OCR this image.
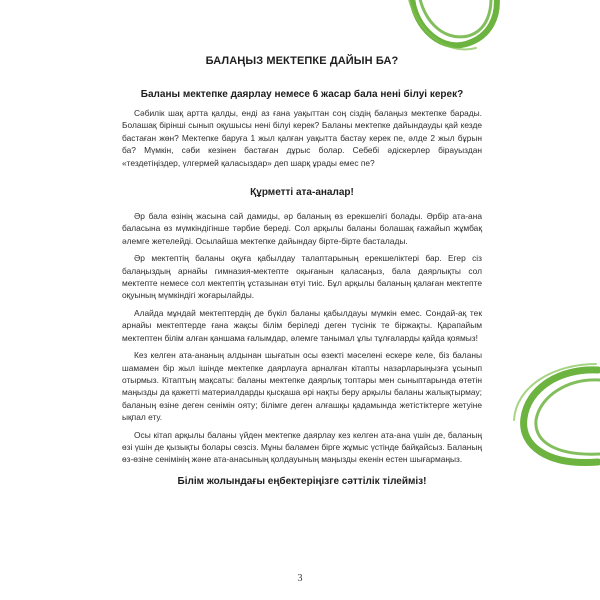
БАЛАҢЫЗ МЕКТЕПКЕ ДАЙЫН БА?
Баланы мектепке даярлау немесе 6 жасар бала нені білуі керек?

Сәбилік шақ артта қалды, енді аз ғана уақыттан соң сіздің балаңыз мектепке барады. Болашақ бірінші сынып оқушысы нені білуі керек? Баланы мектепке дайындауды қай кезде бастаған жөн? Мектепке баруға 1 жыл қалған уақытта бастау керек пе, әлде 2 жыл бұрын ба? Мүмкін, сәби кезінен бастаған дұрыс болар. Себебі әдіскерлер бірауыздан «тездетіңіздер, үлгермей қаласыздар» деп шарқ ұрады емес пе?

Құрметті ата-аналар!

Әр бала өзінің жасына сай дамиды, әр баланың өз ерекшелігі болады. Әрбір ата-ана баласына өз мүмкіндігінше тәрбие береді. Сол арқылы баланы болашақ ғажайып жұмбақ әлемге жетелейді. Осылайша мектепке дайындау бірте-бірте басталады.

Әр мектептің баланы оқуға қабылдау талаптарының ерекшеліктері бар. Егер сіз балаңыздың арнайы гимназия-мектепте оқығанын қаласаңыз, бала даярлықты сол мектепте немесе сол мектептің ұстазынан өтуі тиіс. Бұл арқылы баланың қалаған мектепте оқуының мүмкіндігі жоғарылайды.

Алайда мұндай мектептердің де бүкіл баланы қабылдауы мүмкін емес. Сондай-ақ тек арнайы мектептерде ғана жақсы білім беріледі деген түсінік те біржақты. Қарапайым мектептен білім алған қаншама ғалымдар, әлемге танымал ұлы тұлғаларды қайда қоямыз!

Кез келген ата-ананың алдынан шығатын осы өзекті мәселені ескере келе, біз баланы шамамен бір жыл ішінде мектепке даярлауға арналған кітапты назарларыңызға ұсынып отырмыз. Кітаптың мақсаты: баланы мектепке даярлық топтары мен сыныптарында өтетін маңызды да қажетті материалдарды қысқаша әрі нақты беру арқылы баланы жалықтырмау; баланың өзіне деген сенімін ояту; білімге деген алғашқы қадамында жетістіктерге жетуіне ықпал ету.

Осы кітап арқылы баланы үйден мектепке даярлау кез келген ата-ана үшін де, баланың өзі үшін де қызықты болары сөзсіз. Мұны баламен бірге жұмыс үстінде байқайсыз. Баланың өз-өзіне сенімінің және ата-анасының қолдауының маңызды екенін естен шығармаңыз.

Білім жолындағы еңбектеріңізге сәттілік тілейміз!
3
